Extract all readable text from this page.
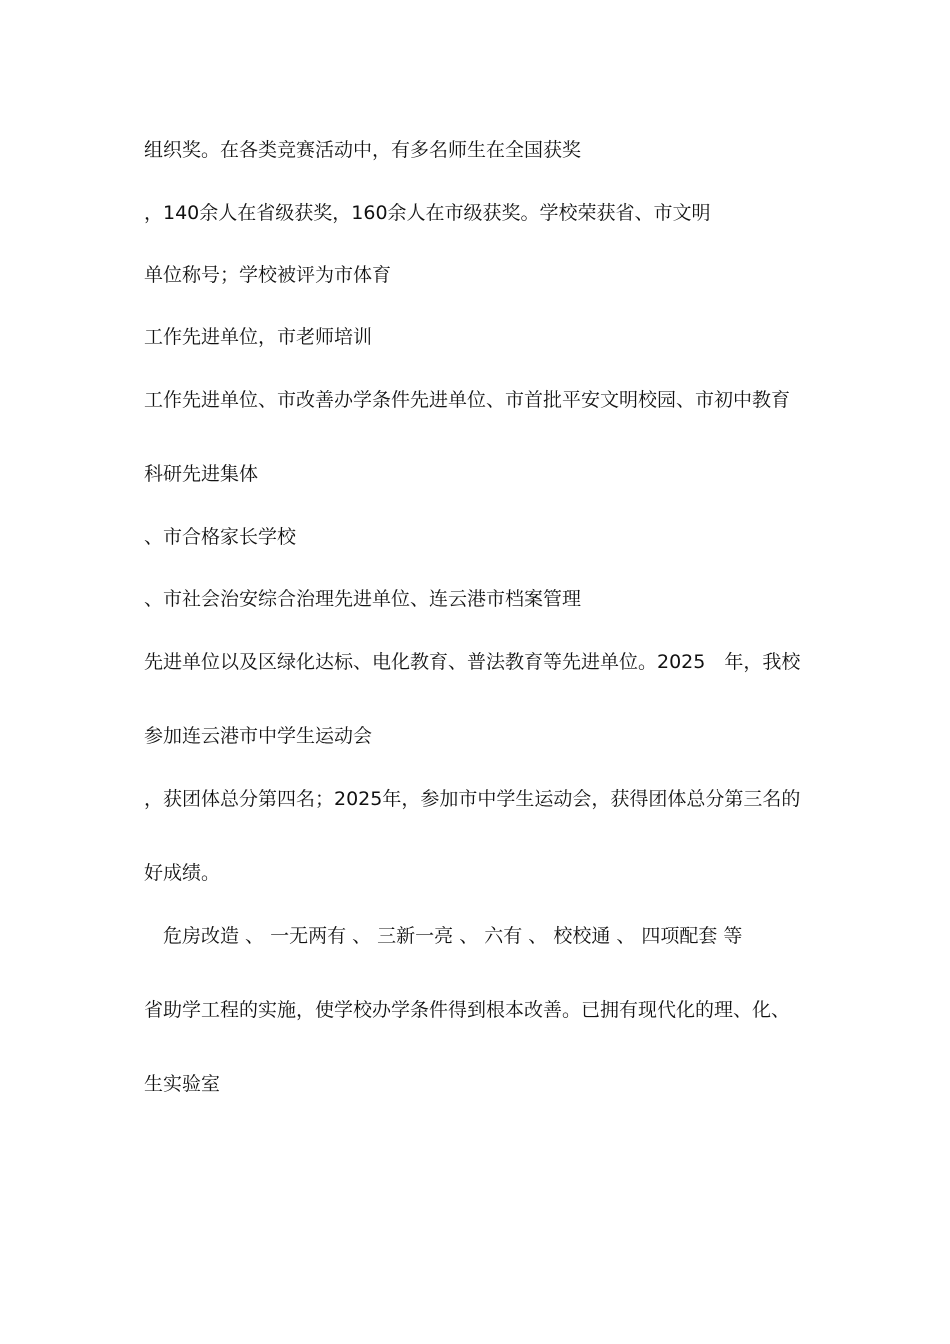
组织奖。在各类竞赛活动中，有多名师生在全国获奖
，140余人在省级获奖，160余人在市级获奖。学校荣获省、市文明
单位称号；学校被评为市体育
工作先进单位，市老师培训
工作先进单位、市改善办学条件先进单位、市首批平安文明校园、市初中教育
科研先进集体
、市合格家长学校
、市社会治安综合治理先进单位、连云港市档案管理
先进单位以及区绿化达标、电化教育、普法教育等先进单位。2025　年，我校
参加连云港市中学生运动会
，获团体总分第四名；2025年，参加市中学生运动会，获得团体总分第三名的
好成绩。
　危房改造 、 一无两有 、 三新一亮 、 六有 、 校校通 、 四项配套 等
省助学工程的实施，使学校办学条件得到根本改善。已拥有现代化的理、化、
生实验室
